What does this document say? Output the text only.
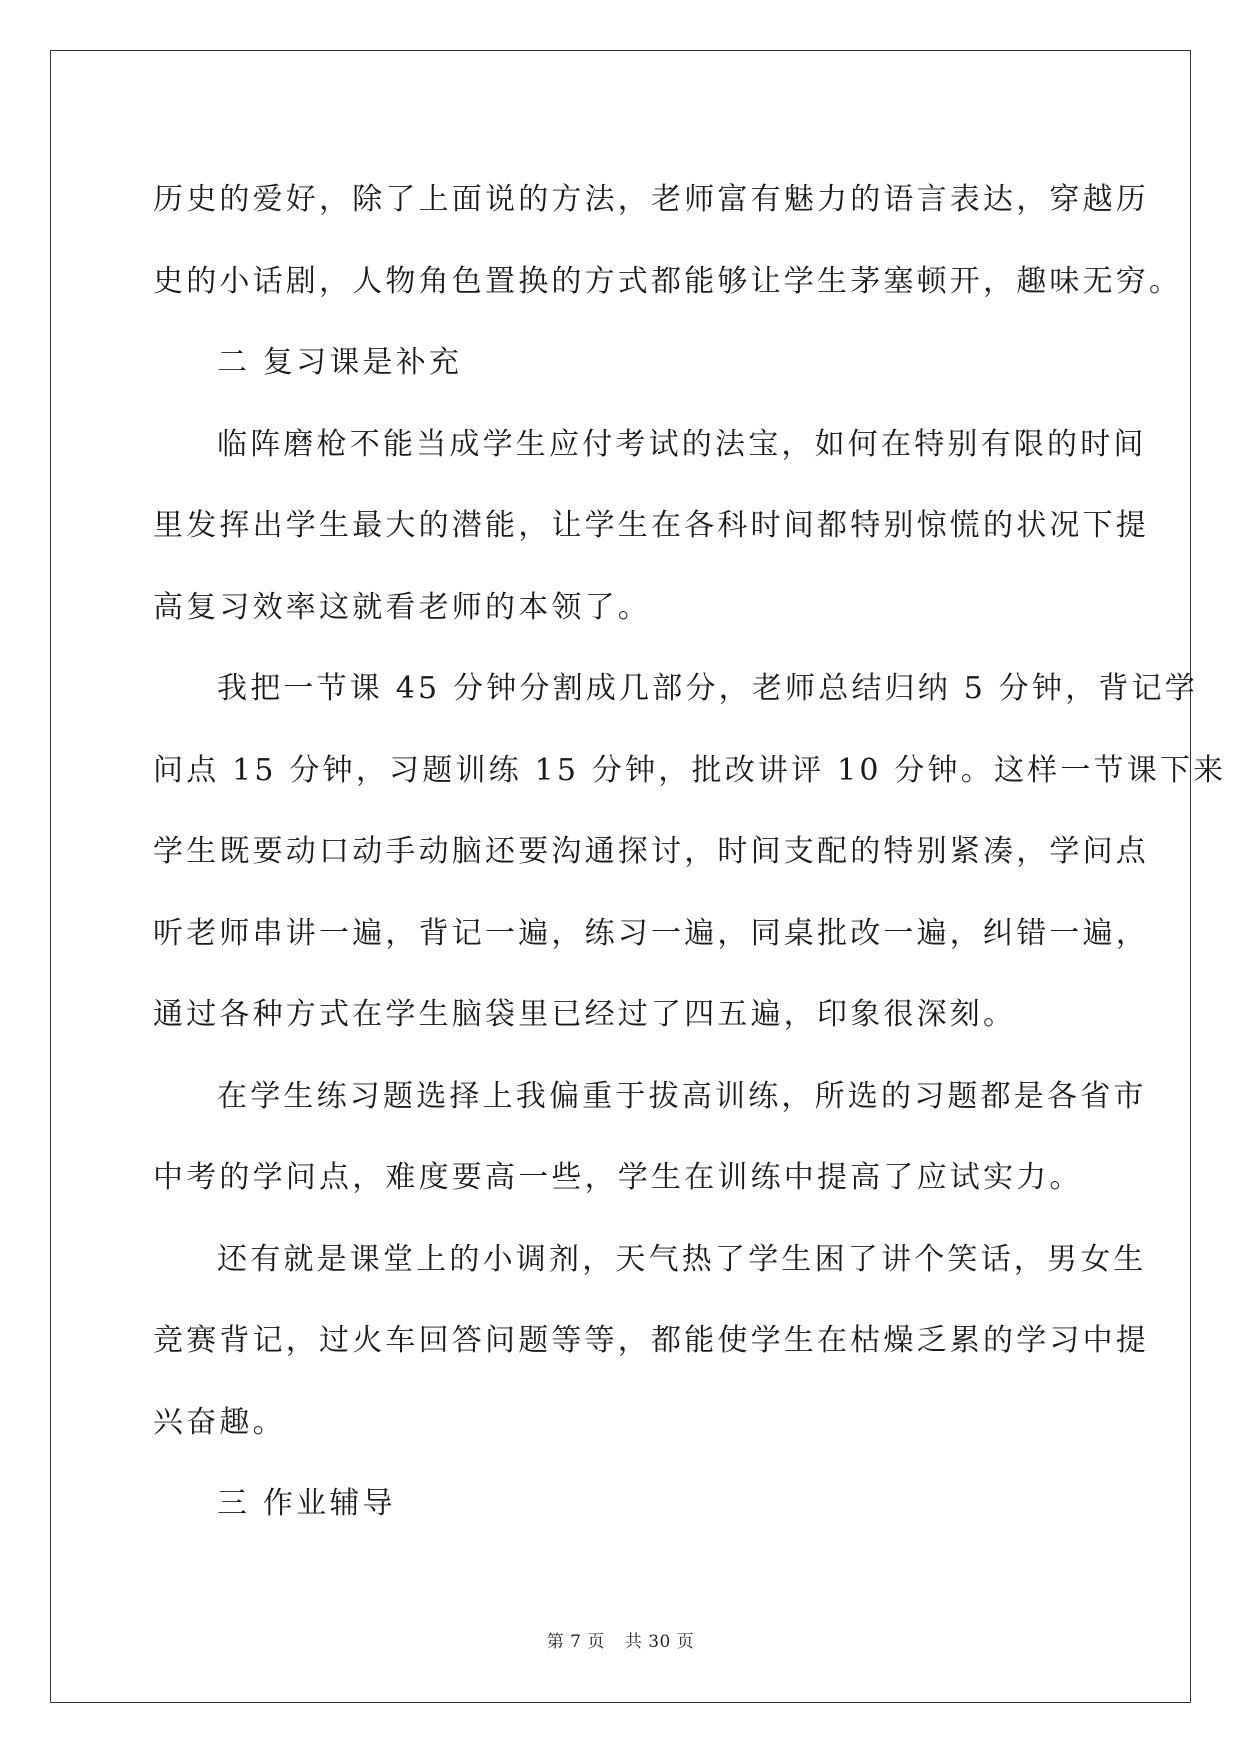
历史的爱好，除了上面说的方法，老师富有魅力的语言表达，穿越历

史的小话剧，人物角色置换的方式都能够让学生茅塞顿开，趣味无穷。

二 复习课是补充

临阵磨枪不能当成学生应付考试的法宝，如何在特别有限的时间

里发挥出学生最大的潜能，让学生在各科时间都特别惊慌的状况下提

高复习效率这就看老师的本领了。

我把一节课 45 分钟分割成几部分，老师总结归纳 5 分钟，背记学

问点 15 分钟，习题训练 15 分钟，批改讲评 10 分钟。这样一节课下来

学生既要动口动手动脑还要沟通探讨，时间支配的特别紧凑，学问点

听老师串讲一遍，背记一遍，练习一遍，同桌批改一遍，纠错一遍，

通过各种方式在学生脑袋里已经过了四五遍，印象很深刻。

在学生练习题选择上我偏重于拔高训练，所选的习题都是各省市

中考的学问点，难度要高一些，学生在训练中提高了应试实力。

还有就是课堂上的小调剂，天气热了学生困了讲个笑话，男女生

竞赛背记，过火车回答问题等等，都能使学生在枯燥乏累的学习中提

兴奋趣。

三 作业辅导

第 7 页 共 30 页
